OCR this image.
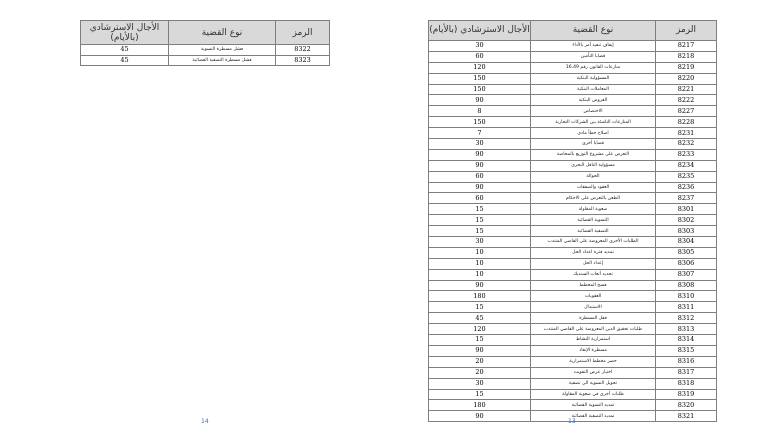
الرمز	نوع القضية	الأجال الاسترشادي (بالأيام)
8322	فشل مسطرة التسوية	45
8323	فشل مسطرة التصفية القضائية	45
14
الرمز	نوع القضية	الأجال الاسترشادي (بالأيام)
8217	إيقاف تنفيذ أمر بالأداء	30
8218	قضايا التأمين	60
8219	منازعات القانون رقم 16.49	120
8220	المسؤولية البنكية	150
8221	المعاملات البنكية	150
8222	القروض البنكية	90
8227	الاختصاص	8
8228	المنازعات الناشئة بين الشركات التجارية	150
8231	اصلاح خطأ مادي	7
8232	قضايا أخرى	30
8233	التعرض على مشروع التوزيع بالمحاصة	90
8234	مسؤولية الناقل البحري	90
8235	الحوالة	60
8236	العقود والصفقات	90
8237	الطعن بالتعرض على الاحكام	60
8301	صعوبة المقاولة	15
8302	التسوية القضائية	15
8303	التصفية القضائية	15
8304	الطلبات الأخرى المعروضة على القاضي المنتدب	30
8305	تمديد فترة اعداد الحل	10
8306	إعداد الحل	10
8307	تحديد أتعاب السنديك	10
8308	فسخ المخطط	90
8310	العقوبات	180
8311	الاستبدال	15
8312	قفل المسطرة	45
8313	طلبات تحقيق الدين المعروضة على القاضي المنتدب	120
8314	استمرارية النشاط	15
8315	مسطرة الإنقاذ	90
8316	حصر مخطط الاستمرارية	20
8317	اختيار عرض التفويت	20
8318	تحويل التسوية الى تصفية	30
8319	طلبات أخرى في صعوبة المقاولة	15
8320	تمديد التسوية القضائية	180
8321	تمديد التصفية القضائية	90
13
